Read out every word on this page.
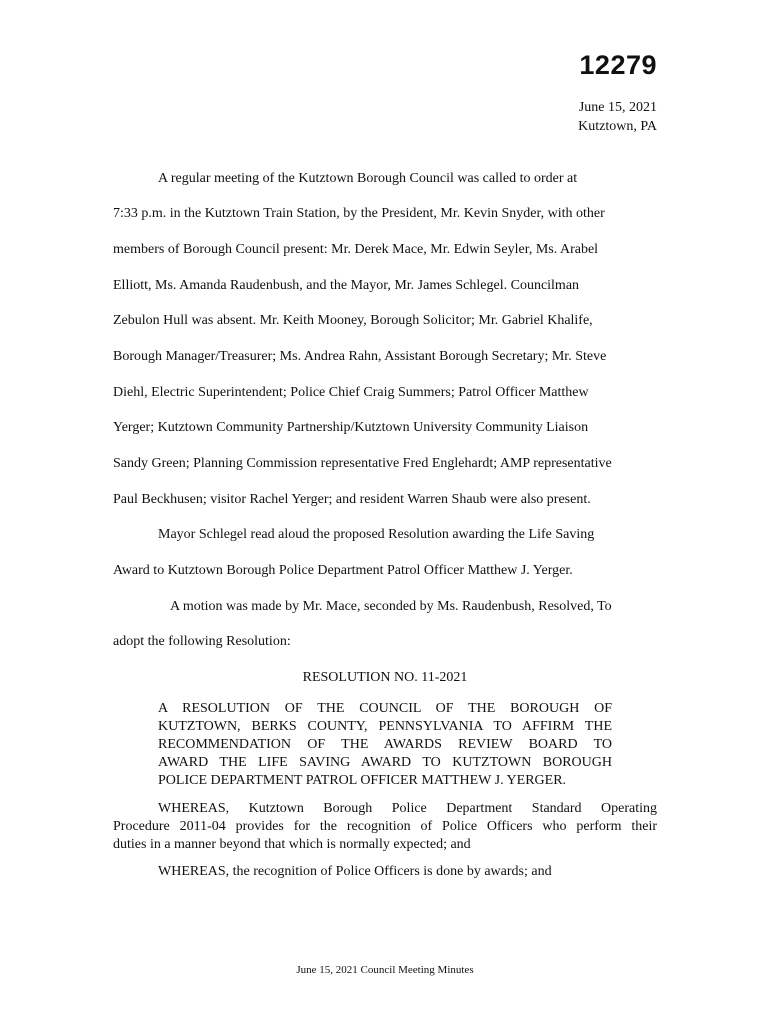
12279
June 15, 2021
Kutztown, PA
A regular meeting of the Kutztown Borough Council was called to order at
7:33 p.m. in the Kutztown Train Station, by the President, Mr. Kevin Snyder, with other
members of Borough Council present: Mr. Derek Mace, Mr. Edwin Seyler, Ms. Arabel
Elliott, Ms. Amanda Raudenbush, and the Mayor, Mr. James Schlegel. Councilman
Zebulon Hull was absent. Mr. Keith Mooney, Borough Solicitor; Mr. Gabriel Khalife,
Borough Manager/Treasurer; Ms. Andrea Rahn, Assistant Borough Secretary; Mr. Steve
Diehl, Electric Superintendent; Police Chief Craig Summers; Patrol Officer Matthew
Yerger; Kutztown Community Partnership/Kutztown University Community Liaison
Sandy Green; Planning Commission representative Fred Englehardt; AMP representative
Paul Beckhusen; visitor Rachel Yerger; and resident Warren Shaub were also present.
Mayor Schlegel read aloud the proposed Resolution awarding the Life Saving
Award to Kutztown Borough Police Department Patrol Officer Matthew J. Yerger.
A motion was made by Mr. Mace, seconded by Ms. Raudenbush, Resolved, To
adopt the following Resolution:
RESOLUTION NO. 11-2021
A RESOLUTION OF THE COUNCIL OF THE BOROUGH OF
KUTZTOWN, BERKS COUNTY, PENNSYLVANIA TO AFFIRM THE
RECOMMENDATION OF THE AWARDS REVIEW BOARD TO
AWARD THE LIFE SAVING AWARD TO KUTZTOWN BOROUGH
POLICE DEPARTMENT PATROL OFFICER MATTHEW J. YERGER.
WHEREAS, Kutztown Borough Police Department Standard Operating
Procedure 2011-04 provides for the recognition of Police Officers who perform their
duties in a manner beyond that which is normally expected; and
WHEREAS, the recognition of Police Officers is done by awards; and
June 15, 2021 Council Meeting Minutes
